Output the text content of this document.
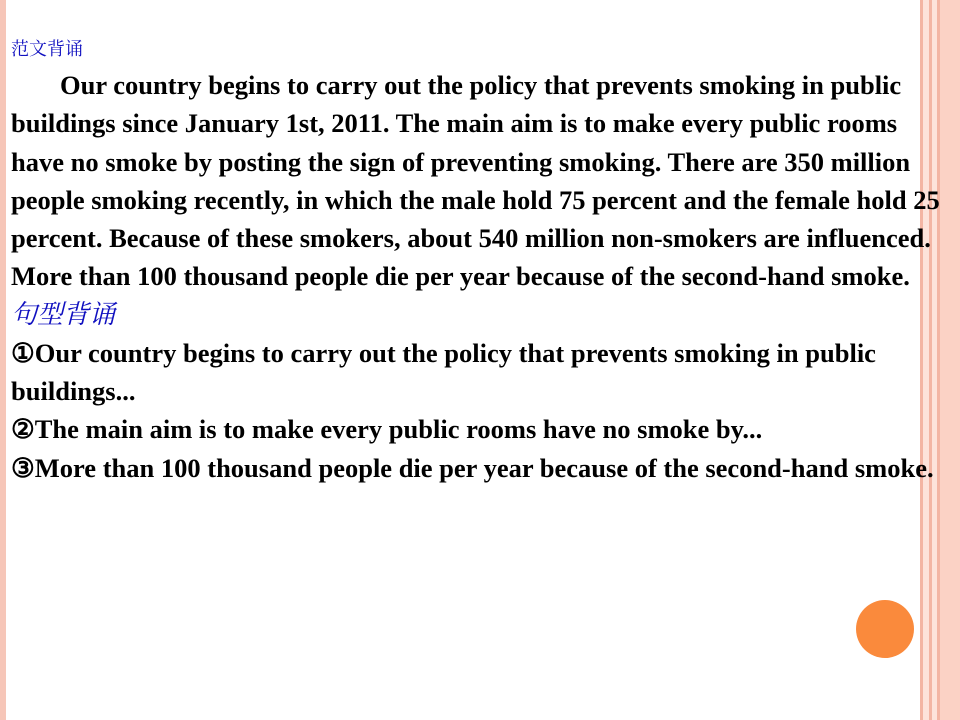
范文背诵

Our country begins to carry out the policy that prevents smoking in public buildings since January 1st, 2011. The main aim is to make every public rooms have no smoke by posting the sign of preventing smoking. There are 350 million people smoking recently, in which the male hold 75 percent and the female hold 25 percent. Because of these smokers, about 540 million non-smokers are influenced. More than 100 thousand people die per year because of the second-hand smoke.

句型背诵

①Our country begins to carry out the policy that prevents smoking in public buildings...

②The main aim is to make every public rooms have no smoke by...

③More than 100 thousand people die per year because of the second-hand smoke.
